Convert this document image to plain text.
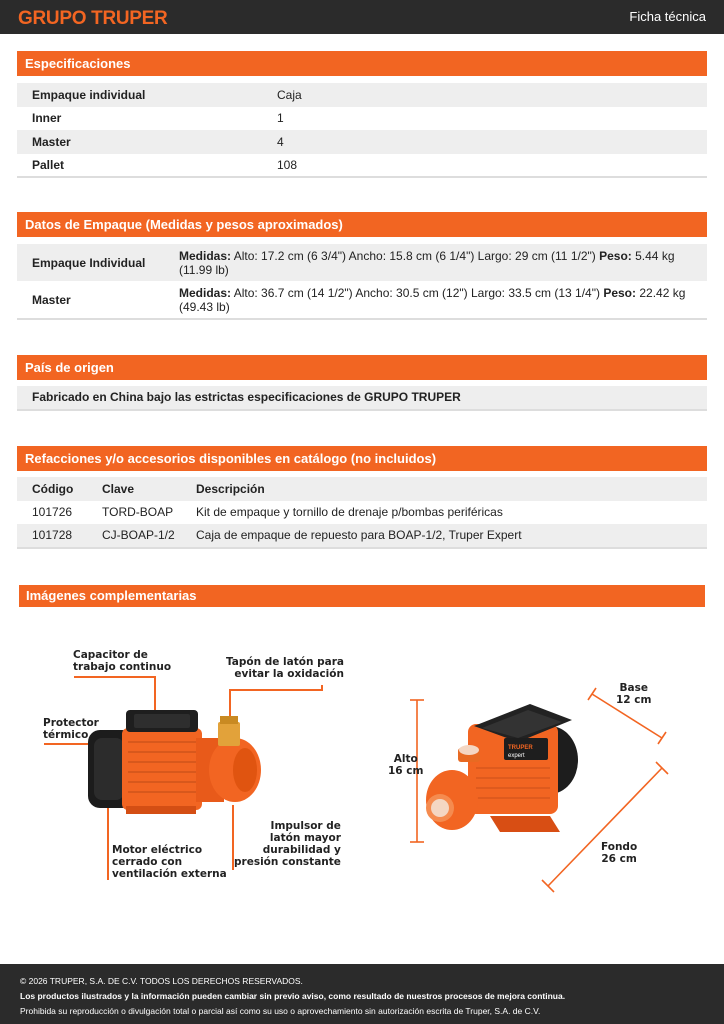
GRUPO TRUPER	Ficha técnica
Especificaciones
Empaque individual	Caja
Inner	1
Master	4
Pallet	108
Datos de Empaque (Medidas y pesos aproximados)
Empaque Individual	Medidas: Alto: 17.2 cm (6 3/4") Ancho: 15.8 cm (6 1/4") Largo: 29 cm (11 1/2") Peso: 5.44 kg (11.99 lb)
Master	Medidas: Alto: 36.7 cm (14 1/2") Ancho: 30.5 cm (12") Largo: 33.5 cm (13 1/4") Peso: 22.42 kg (49.43 lb)
País de origen
Fabricado en China bajo las estrictas especificaciones de GRUPO TRUPER
Refacciones y/o accesorios disponibles en catálogo (no incluidos)
Código	Clave	Descripción
101726	TORD-BOAP	Kit de empaque y tornillo de drenaje p/bombas periféricas
101728	CJ-BOAP-1/2	Caja de empaque de repuesto para BOAP-1/2, Truper Expert
Imágenes complementarias
Capacitor de
trabajo continuo	Tapón de latón para
evitar la oxidación
Protector
térmico
Motor eléctrico
cerrado con
ventilación externa
Impulsor de
latón mayor
durabilidad y
presión constante
TRUPER
expert
Base
12 cm
Alto
16 cm
Fondo
26 cm
© 2026 TRUPER, S.A. DE C.V. TODOS LOS DERECHOS RESERVADOS.
Los productos ilustrados y la información pueden cambiar sin previo aviso, como resultado de nuestros procesos de mejora continua.
Prohibida su reproducción o divulgación total o parcial así como su uso o aprovechamiento sin autorización escrita de Truper, S.A. de C.V.
